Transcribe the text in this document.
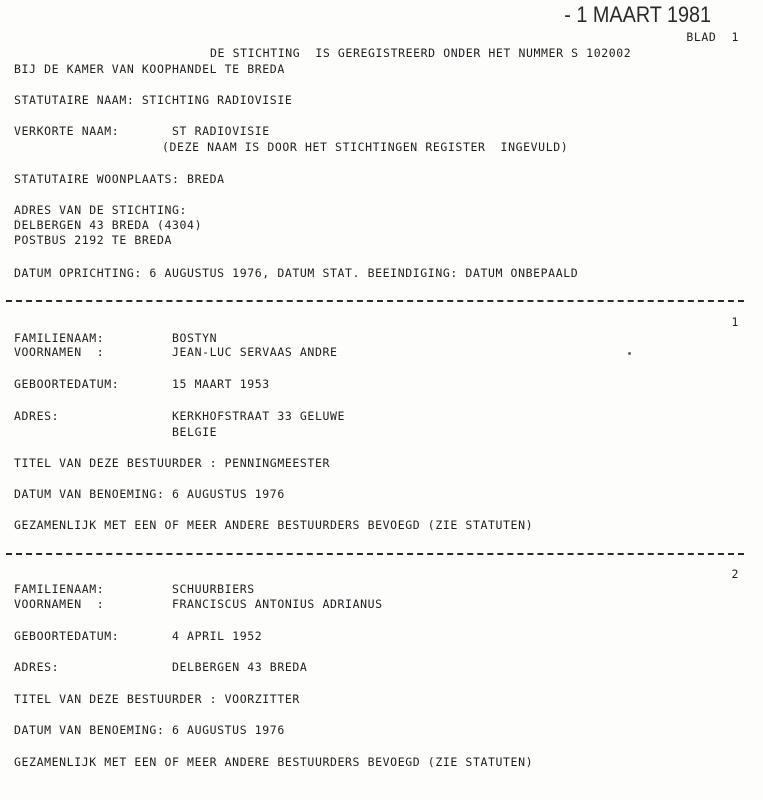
- 1 MAART 1981
BLAD  1
DE STICHTING  IS GEREGISTREERD ONDER HET NUMMER S 102002
BIJ DE KAMER VAN KOOPHANDEL TE BREDA
STATUTAIRE NAAM: STICHTING RADIOVISIE
VERKORTE NAAM:	ST RADIOVISIE
(DEZE NAAM IS DOOR HET STICHTINGEN REGISTER  INGEVULD)
STATUTAIRE WOONPLAATS: BREDA
ADRES VAN DE STICHTING:
DELBERGEN 43 BREDA (4304)
POSTBUS 2192 TE BREDA
DATUM OPRICHTING: 6 AUGUSTUS 1976, DATUM STAT. BEEINDIGING: DATUM ONBEPAALD
1
FAMILIENAAM:	BOSTYN
VOORNAMEN  :	JEAN-LUC SERVAAS ANDRE
GEBOORTEDATUM:	15 MAART 1953
ADRES:	KERKHOFSTRAAT 33 GELUWE
BELGIE
TITEL VAN DEZE BESTUURDER : PENNINGMEESTER
DATUM VAN BENOEMING: 6 AUGUSTUS 1976
GEZAMENLIJK MET EEN OF MEER ANDERE BESTUURDERS BEVOEGD (ZIE STATUTEN)
2
FAMILIENAAM:	SCHUURBIERS
VOORNAMEN  :	FRANCISCUS ANTONIUS ADRIANUS
GEBOORTEDATUM:	4 APRIL 1952
ADRES:	DELBERGEN 43 BREDA
TITEL VAN DEZE BESTUURDER : VOORZITTER
DATUM VAN BENOEMING: 6 AUGUSTUS 1976
GEZAMENLIJK MET EEN OF MEER ANDERE BESTUURDERS BEVOEGD (ZIE STATUTEN)
